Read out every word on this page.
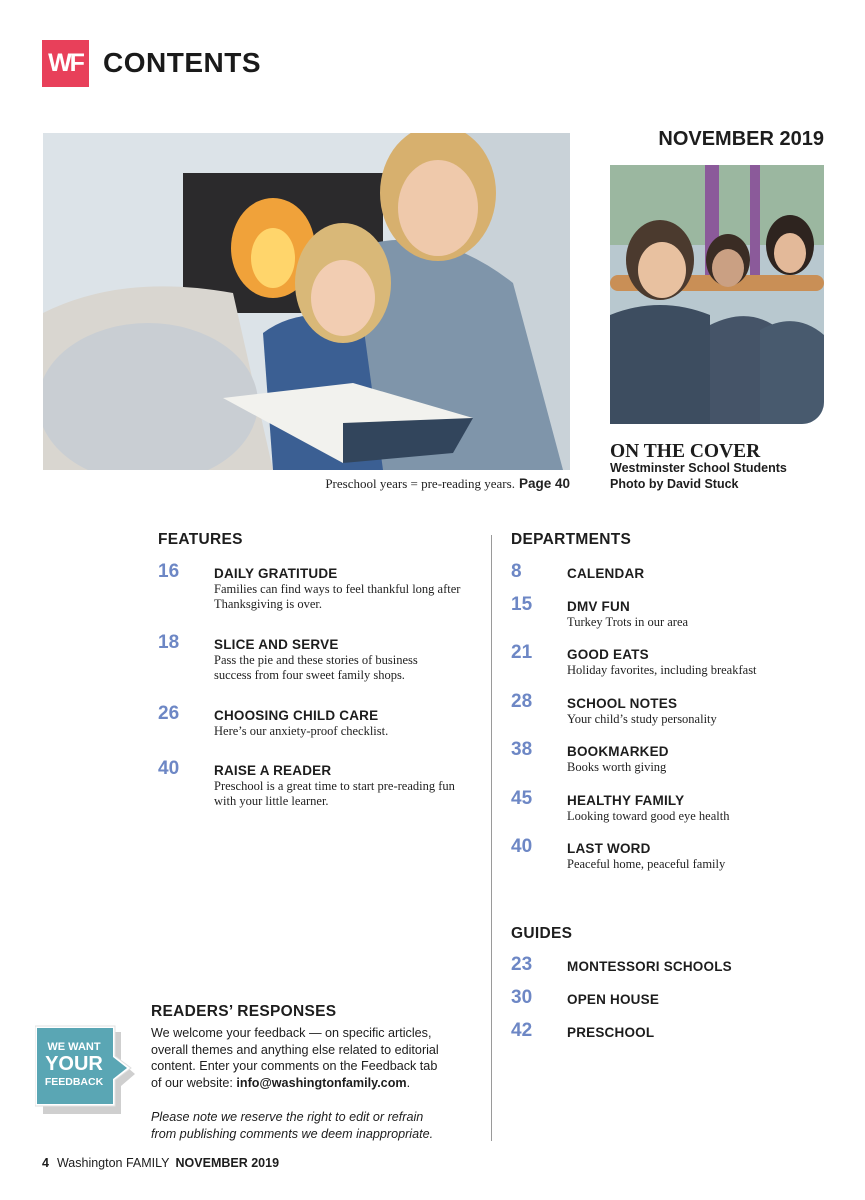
WF CONTENTS
Preschool years = pre-reading years. Page 40
NOVEMBER 2019
ON THE COVER
Westminster School Students
Photo by David Stuck
FEATURES
16	DAILY GRATITUDE
Families can find ways to feel thankful long after
Thanksgiving is over.
18	SLICE AND SERVE
Pass the pie and these stories of business
success from four sweet family shops.
26	CHOOSING CHILD CARE
Here’s our anxiety-proof checklist.
40	RAISE A READER
Preschool is a great time to start pre-reading fun
with your little learner.
DEPARTMENTS
8	CALENDAR
15	DMV FUN
Turkey Trots in our area
21	GOOD EATS
Holiday favorites, including breakfast
28	SCHOOL NOTES
Your child’s study personality
38	BOOKMARKED
Books worth giving
45	HEALTHY FAMILY
Looking toward good eye health
40	LAST WORD
Peaceful home, peaceful family
GUIDES
23	MONTESSORI SCHOOLS
30	OPEN HOUSE
42	PRESCHOOL
READERS’ RESPONSES
WE WANT
YOUR
FEEDBACK
We welcome your feedback — on specific articles,
overall themes and anything else related to editorial
content. Enter your comments on the Feedback tab
of our website: info@washingtonfamily.com.
Please note we reserve the right to edit or refrain
from publishing comments we deem inappropriate.
4 Washington FAMILY NOVEMBER 2019
